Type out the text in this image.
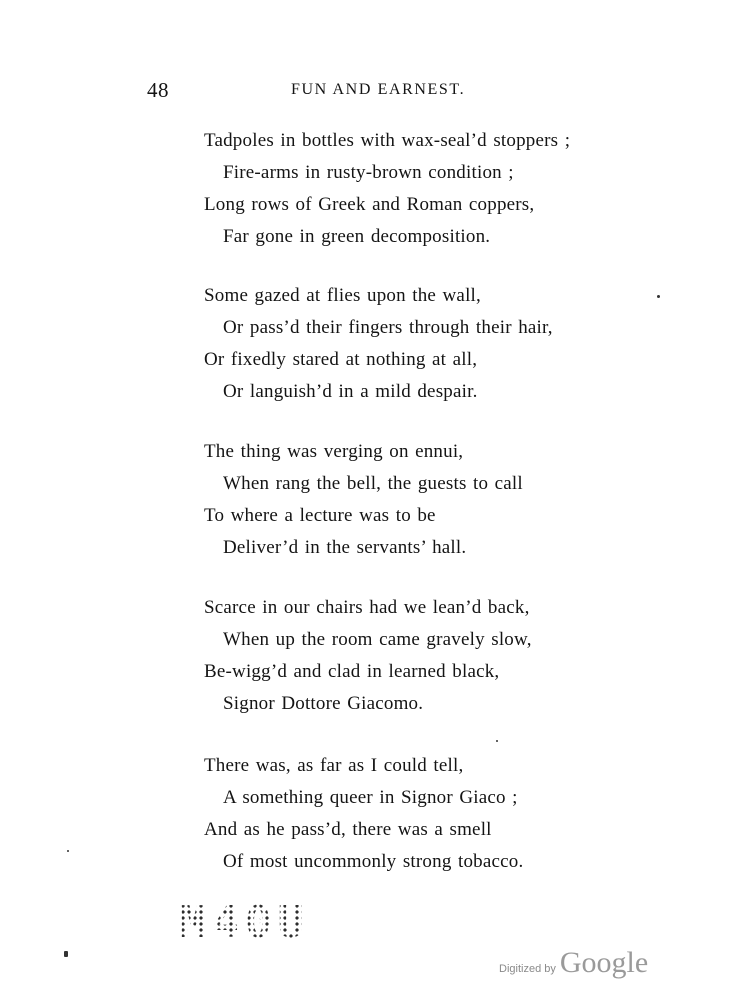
48	FUN AND EARNEST.
Tadpoles in bottles with wax-seal’d stoppers ;
Fire-arms in rusty-brown condition ;
Long rows of Greek and Roman coppers,
Far gone in green decomposition.
Some gazed at flies upon the wall,
Or pass’d their fingers through their hair,
Or fixedly stared at nothing at all,
Or languish’d in a mild despair.
The thing was verging on ennui,
When rang the bell, the guests to call
To where a lecture was to be
Deliver’d in the servants’ hall.
Scarce in our chairs had we lean’d back,
When up the room came gravely slow,
Be-wigg’d and clad in learned black,
Signor Dottore Giacomo.
There was, as far as I could tell,
A something queer in Signor Giaco ;
And as he pass’d, there was a smell
Of most uncommonly strong tobacco.
M40U
Digitized by Google
